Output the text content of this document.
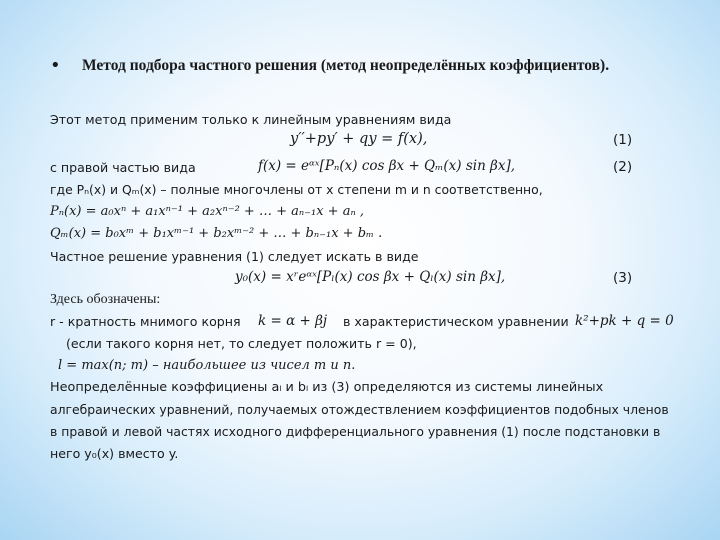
• Метод подбора частного решения (метод неопределённых коэффициентов).
Этот метод применим только к линейным уравнениям вида
y′′+py′ + qy = f(x),	(1)
с правой частью вида	f(x) = eᵅˣ[Pₙ(x) cos βx + Qₘ(x) sin βx],	(2)
где Pₙ(x) и Qₘ(x) – полные многочлены от x степени m и n соответственно,
Pₙ(x) = a₀xⁿ + a₁xⁿ⁻¹ + a₂xⁿ⁻² + … + aₙ₋₁x + aₙ ,
Qₘ(x) = b₀xᵐ + b₁xᵐ⁻¹ + b₂xᵐ⁻² + … + bₙ₋₁x + bₘ .
Частное решение уравнения (1) следует искать в виде
y₀(x) = xʳeᵅˣ[Pₗ(x) cos βx + Qₗ(x) sin βx],	(3)
Здесь обозначены:
r - кратность мнимого корня k = α + βj в характеристическом уравнении k²+pk + q = 0
(если такого корня нет, то следует положить r = 0),
l = max(n; m) – наибольшее из чисел m и n.
Неопределённые коэффициены aₗ и bₗ из (3) определяются из системы линейных
алгебраических уравнений, получаемых отождествлением коэффициентов подобных членов
в правой и левой частях исходного дифференциального уравнения (1) после подстановки в
него y₀(x) вместо y.
